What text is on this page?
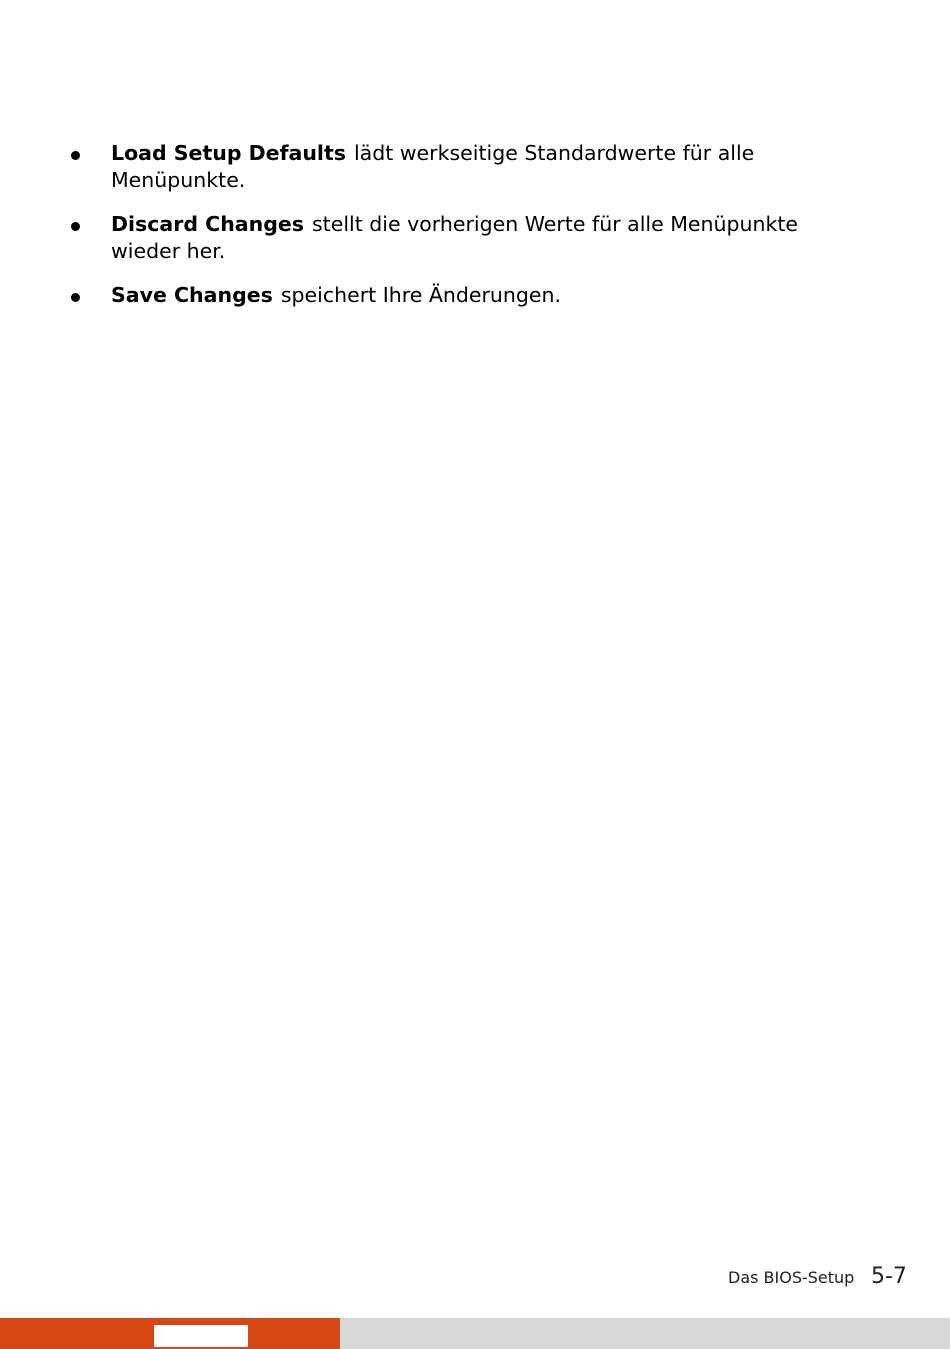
Load Setup Defaults lädt werkseitige Standardwerte für alle Menüpunkte.
Discard Changes stellt die vorherigen Werte für alle Menüpunkte wieder her.
Save Changes speichert Ihre Änderungen.
Das BIOS-Setup 5-7
